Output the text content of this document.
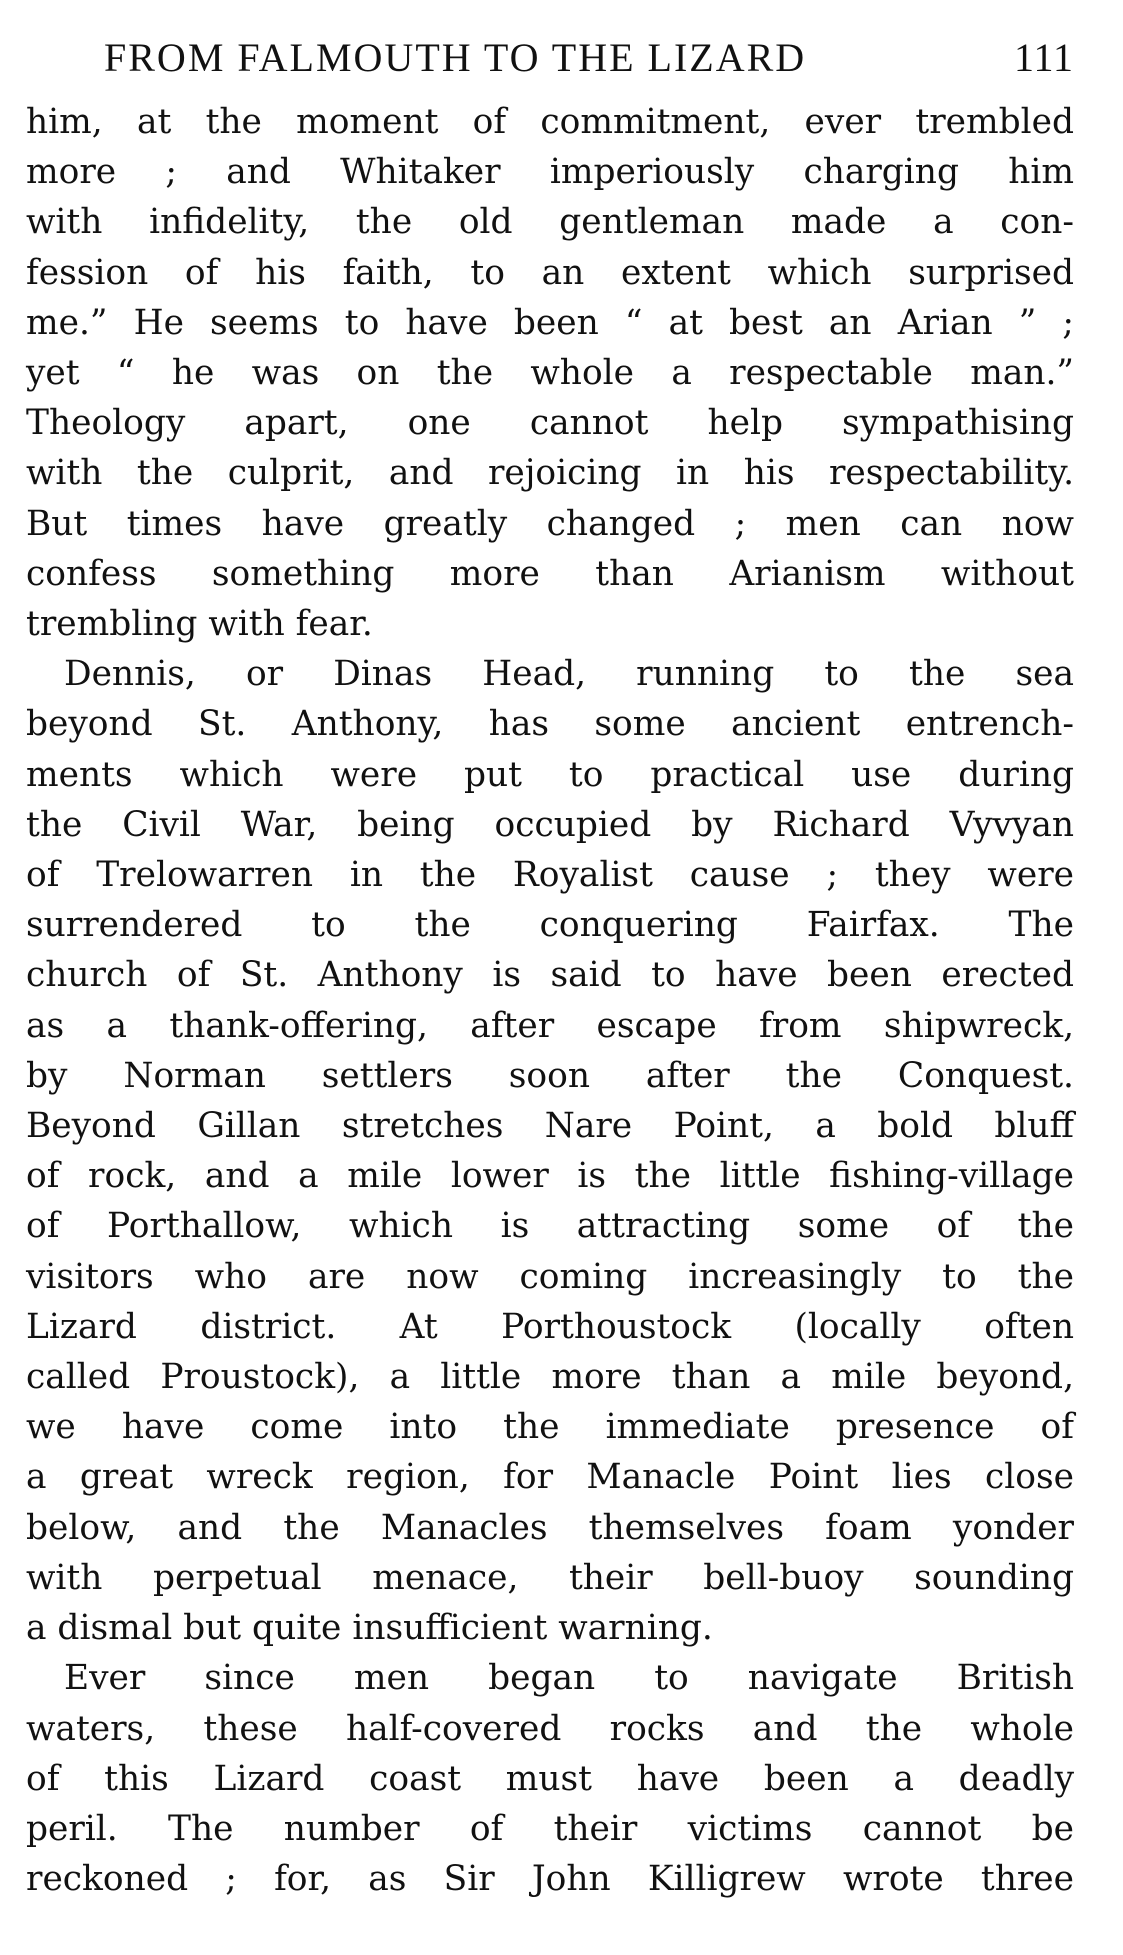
FROM FALMOUTH TO THE LIZARD	111

him, at the moment of commitment, ever trembled
more ; and Whitaker imperiously charging him
with infidelity, the old gentleman made a con-
fession of his faith, to an extent which surprised
me.” He seems to have been “ at best an Arian ” ;
yet “ he was on the whole a respectable man.”
Theology apart, one cannot help sympathising
with the culprit, and rejoicing in his respectability.
But times have greatly changed ; men can now
confess something more than Arianism without
trembling with fear.

Dennis, or Dinas Head, running to the sea
beyond St. Anthony, has some ancient entrench-
ments which were put to practical use during
the Civil War, being occupied by Richard Vyvyan
of Trelowarren in the Royalist cause ; they were
surrendered to the conquering Fairfax. The
church of St. Anthony is said to have been erected
as a thank-offering, after escape from shipwreck,
by Norman settlers soon after the Conquest.
Beyond Gillan stretches Nare Point, a bold bluff
of rock, and a mile lower is the little fishing-village
of Porthallow, which is attracting some of the
visitors who are now coming increasingly to the
Lizard district. At Porthoustock (locally often
called Proustock), a little more than a mile beyond,
we have come into the immediate presence of
a great wreck region, for Manacle Point lies close
below, and the Manacles themselves foam yonder
with perpetual menace, their bell-buoy sounding
a dismal but quite insufficient warning.

Ever since men began to navigate British
waters, these half-covered rocks and the whole
of this Lizard coast must have been a deadly
peril. The number of their victims cannot be
reckoned ; for, as Sir John Killigrew wrote three
